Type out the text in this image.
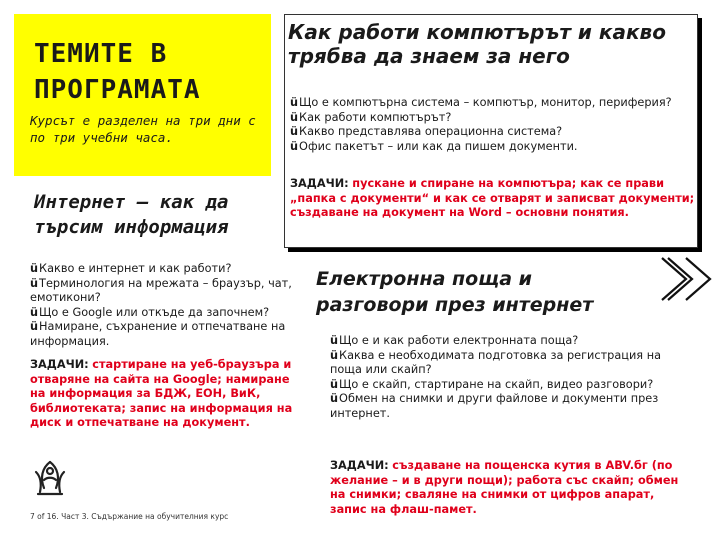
ТЕМИТЕ В ПРОГРАМАТА
Курсът е разделен на три дни с по три учебни часа.
Как работи компютърът и какво трябва да знаем за него
üЩо е компютърна система – компютър, монитор, периферия?
üКак работи компютърът?
üКакво представлява операционна система?
üОфис пакетът – или как да пишем документи.

ЗАДАЧИ: пускане и спиране на компютъра; как се прави „папка с документи“ и как се отварят и записват документи; създаване на документ на Word – основни понятия.

Интернет – как да търсим информация
üКакво е интернет и как работи?
üТерминология на мрежата – браузър, чат, емотикони?
üЩо е Google или откъде да започнем?
üНамиране, съхранение и отпечатване на информация.

ЗАДАЧИ: стартиране на уеб-браузъра и отваряне на сайта на Google; намиране на информация за БДЖ, ЕОН, ВиК, библиотеката; запис на информация на диск и отпечатване на документ.

Електронна поща и разговори през интернет
üЩо е и как работи електронната поща?
üКаква е необходимата подготовка за регистрация на поща или скайп?
üЩо е скайп, стартиране на скайп, видео разговори?
üОбмен на снимки и други файлове и документи през интернет.

ЗАДАЧИ: създаване на пощенска кутия в ABV.бг (по желание – и в други пощи); работа със скайп; обмен на снимки; сваляне на снимки от цифров апарат, запис на флаш-памет.

7 of 16. Част 3. Съдържание на обучителния курс
